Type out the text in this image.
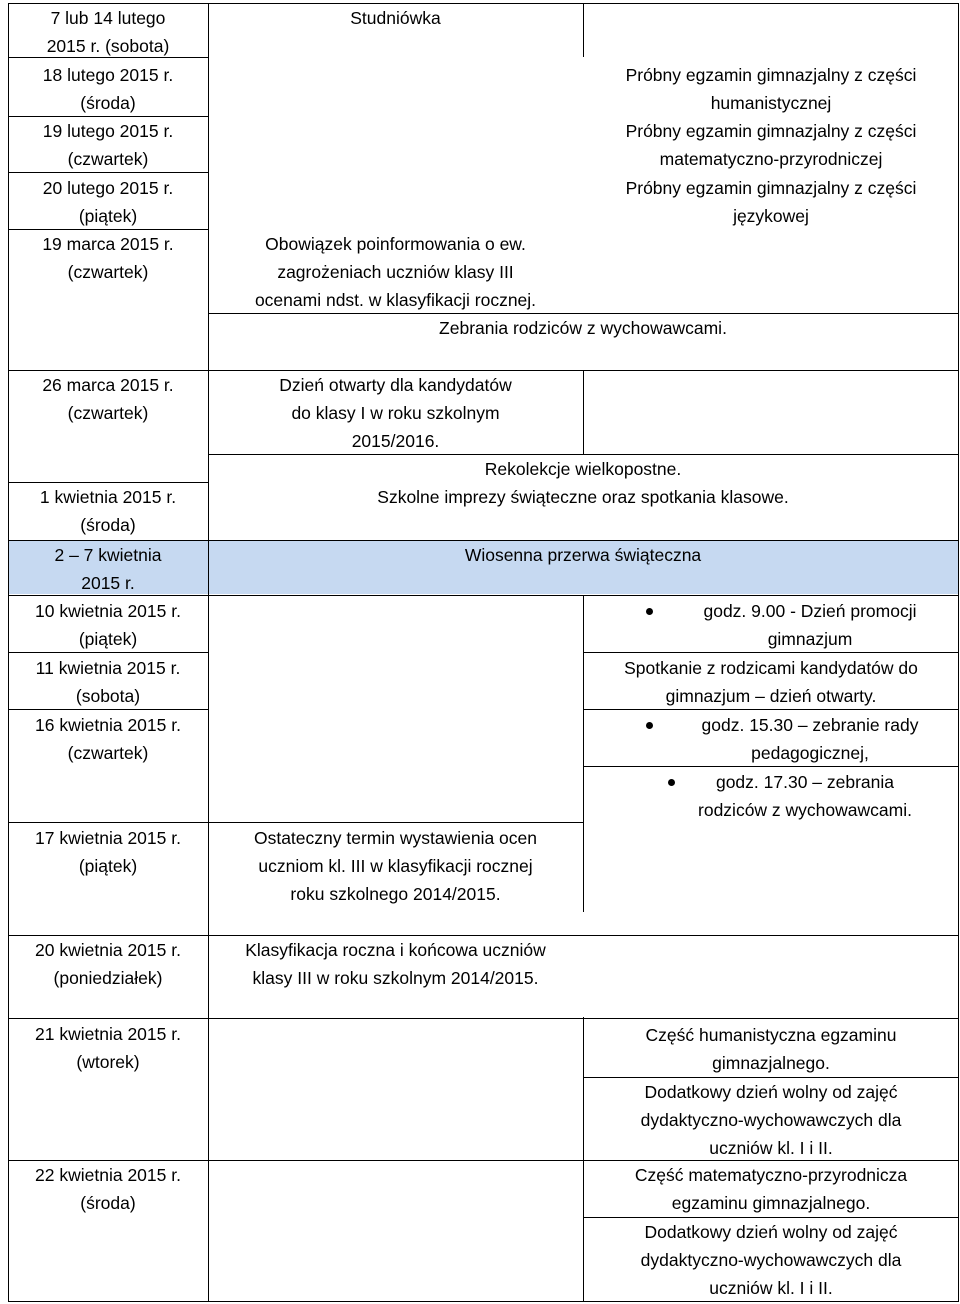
7 lub 14 lutego
2015 r. (sobota)
18 lutego 2015 r.
(środa)
19 lutego 2015 r.
(czwartek)
20 lutego 2015 r.
(piątek)
19 marca 2015 r.
(czwartek)
26 marca 2015 r.
(czwartek)
1 kwietnia 2015 r.
(środa)
2 – 7 kwietnia
2015 r.
10 kwietnia 2015 r.
(piątek)
11 kwietnia 2015 r.
(sobota)
16 kwietnia 2015 r.
(czwartek)
17 kwietnia 2015 r.
(piątek)
20 kwietnia 2015 r.
(poniedziałek)
21 kwietnia 2015 r.
(wtorek)
22 kwietnia 2015 r.
(środa)
Studniówka
Próbny egzamin gimnazjalny z części
humanistycznej
Próbny egzamin gimnazjalny z części
matematyczno-przyrodniczej
Próbny egzamin gimnazjalny z części
językowej
Obowiązek poinformowania o ew.
zagrożeniach uczniów klasy III
ocenami ndst. w klasyfikacji rocznej.
Zebrania rodziców z wychowawcami.
Dzień otwarty dla kandydatów
do klasy I w roku szkolnym
2015/2016.
Rekolekcje wielkopostne.
Szkolne imprezy świąteczne oraz spotkania klasowe.
Wiosenna przerwa świąteczna
godz. 9.00 - Dzień promocji
gimnazjum
Spotkanie z rodzicami kandydatów do
gimnazjum – dzień otwarty.
godz. 15.30 – zebranie rady
pedagogicznej,
godz. 17.30 – zebrania
rodziców z wychowawcami.
Ostateczny termin wystawienia ocen
uczniom kl. III w klasyfikacji rocznej
roku szkolnego 2014/2015.
Klasyfikacja roczna i końcowa uczniów
klasy III w roku szkolnym 2014/2015.
Część humanistyczna egzaminu
gimnazjalnego.
Dodatkowy dzień wolny od zajęć
dydaktyczno-wychowawczych dla
uczniów kl. I i II.
Część matematyczno-przyrodnicza
egzaminu gimnazjalnego.
Dodatkowy dzień wolny od zajęć
dydaktyczno-wychowawczych dla
uczniów kl. I i II.
